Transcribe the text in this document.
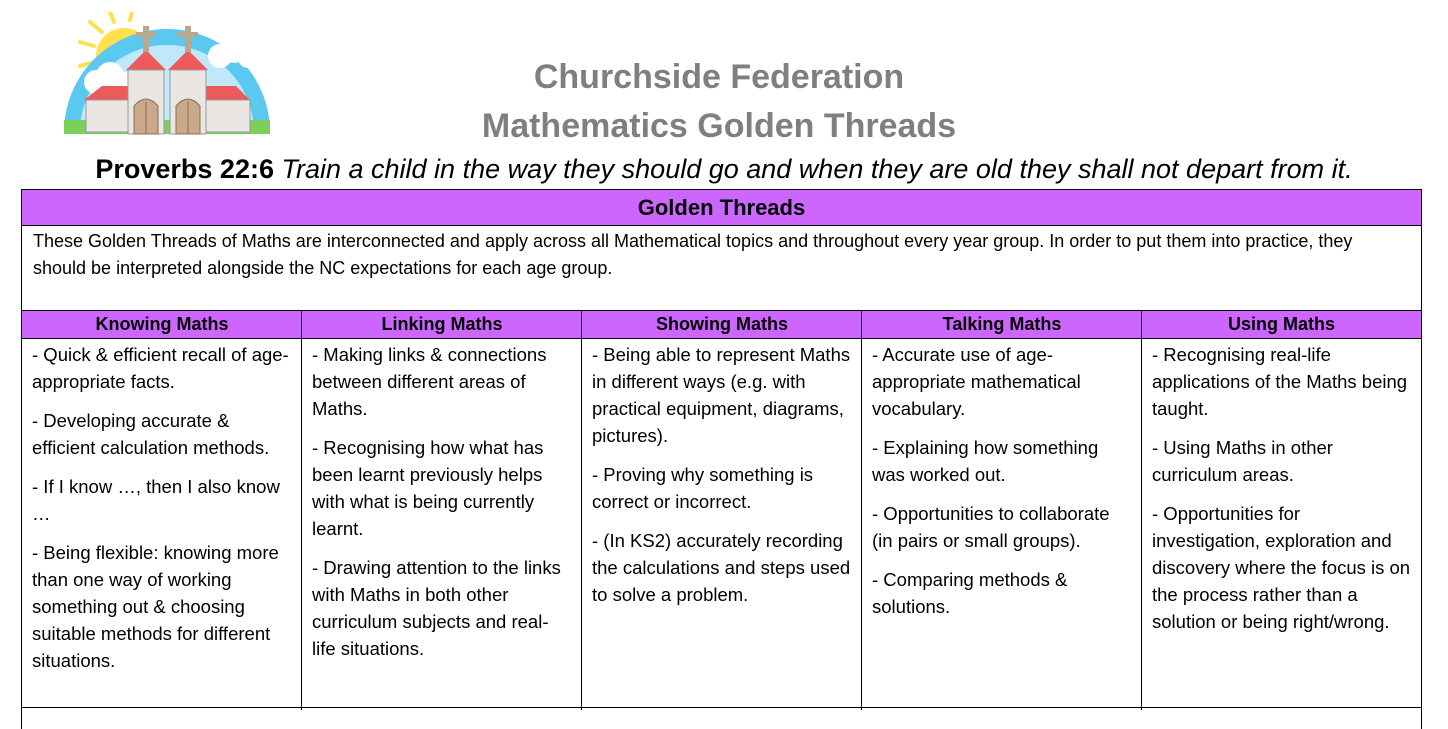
Churchside Federation
Mathematics Golden Threads
Proverbs 22:6 Train a child in the way they should go and when they are old they shall not depart from it.
Golden Threads
These Golden Threads of Maths are interconnected and apply across all Mathematical topics and throughout every year group. In order to put them into practice, they should be interpreted alongside the NC expectations for each age group.
Knowing Maths

- Quick & efficient recall of age-appropriate facts.

- Developing accurate & efficient calculation methods.

- If I know …, then I also know …

- Being flexible: knowing more than one way of working something out & choosing suitable methods for different situations.

Linking Maths

- Making links & connections between different areas of Maths.

- Recognising how what has been learnt previously helps with what is being currently learnt.

- Drawing attention to the links with Maths in both other curriculum subjects and real-life situations.

Showing Maths

- Being able to represent Maths in different ways (e.g. with practical equipment, diagrams, pictures).

- Proving why something is correct or incorrect.

- (In KS2) accurately recording the calculations and steps used to solve a problem.

Talking Maths

- Accurate use of age-appropriate mathematical vocabulary.

- Explaining how something was worked out.

- Opportunities to collaborate (in pairs or small groups).

- Comparing methods & solutions.

Using Maths

- Recognising real-life applications of the Maths being taught.

- Using Maths in other curriculum areas.

- Opportunities for investigation, exploration and discovery where the focus is on the process rather than a solution or being right/wrong.
